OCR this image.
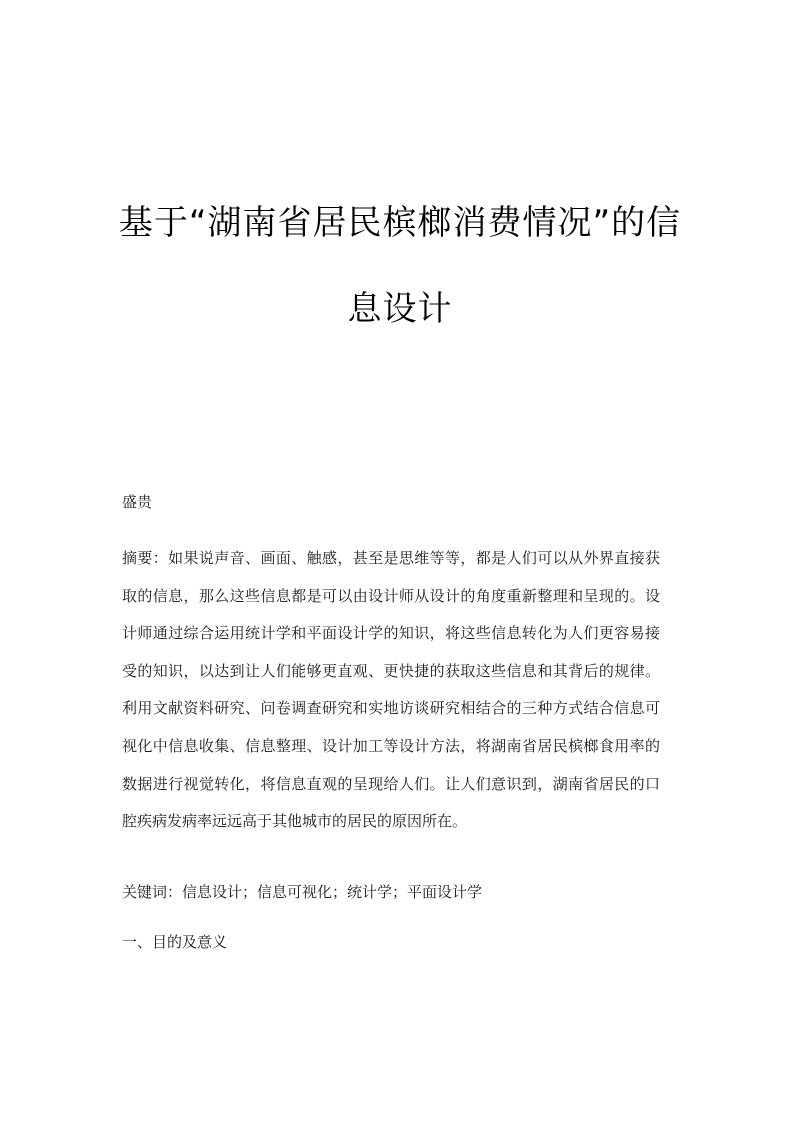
基于“湖南省居民槟榔消费情况”的信息设计

盛贵

摘要：如果说声音、画面、触感，甚至是思维等等，都是人们可以从外界直接获取的信息，那么这些信息都是可以由设计师从设计的角度重新整理和呈现的。设计师通过综合运用统计学和平面设计学的知识，将这些信息转化为人们更容易接受的知识，以达到让人们能够更直观、更快捷的获取这些信息和其背后的规律。利用文献资料研究、问卷调查研究和实地访谈研究相结合的三种方式结合信息可视化中信息收集、信息整理、设计加工等设计方法，将湖南省居民槟榔食用率的数据进行视觉转化，将信息直观的呈现给人们。让人们意识到，湖南省居民的口腔疾病发病率远远高于其他城市的居民的原因所在。

关键词：信息设计；信息可视化；统计学；平面设计学

一、目的及意义
